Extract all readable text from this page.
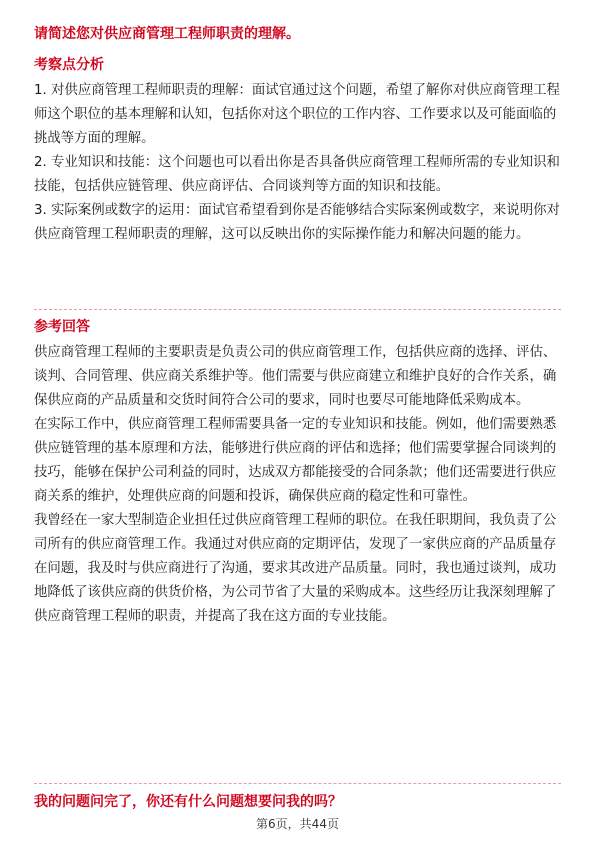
请简述您对供应商管理工程师职责的理解。
考察点分析

1. 对供应商管理工程师职责的理解：面试官通过这个问题，希望了解你对供应商管理工程师这个职位的基本理解和认知，包括你对这个职位的工作内容、工作要求以及可能面临的挑战等方面的理解。

2. 专业知识和技能：这个问题也可以看出你是否具备供应商管理工程师所需的专业知识和技能，包括供应链管理、供应商评估、合同谈判等方面的知识和技能。

3. 实际案例或数字的运用：面试官希望看到你是否能够结合实际案例或数字，来说明你对供应商管理工程师职责的理解，这可以反映出你的实际操作能力和解决问题的能力。

参考回答

供应商管理工程师的主要职责是负责公司的供应商管理工作，包括供应商的选择、评估、谈判、合同管理、供应商关系维护等。他们需要与供应商建立和维护良好的合作关系，确保供应商的产品质量和交货时间符合公司的要求，同时也要尽可能地降低采购成本。

在实际工作中，供应商管理工程师需要具备一定的专业知识和技能。例如，他们需要熟悉供应链管理的基本原理和方法，能够进行供应商的评估和选择；他们需要掌握合同谈判的技巧，能够在保护公司利益的同时，达成双方都能接受的合同条款；他们还需要进行供应商关系的维护，处理供应商的问题和投诉，确保供应商的稳定性和可靠性。

我曾经在一家大型制造企业担任过供应商管理工程师的职位。在我任职期间，我负责了公司所有的供应商管理工作。我通过对供应商的定期评估，发现了一家供应商的产品质量存在问题，我及时与供应商进行了沟通，要求其改进产品质量。同时，我也通过谈判，成功地降低了该供应商的供货价格，为公司节省了大量的采购成本。这些经历让我深刻理解了供应商管理工程师的职责，并提高了我在这方面的专业技能。

我的问题问完了，你还有什么问题想要问我的吗？

第6页，共44页
